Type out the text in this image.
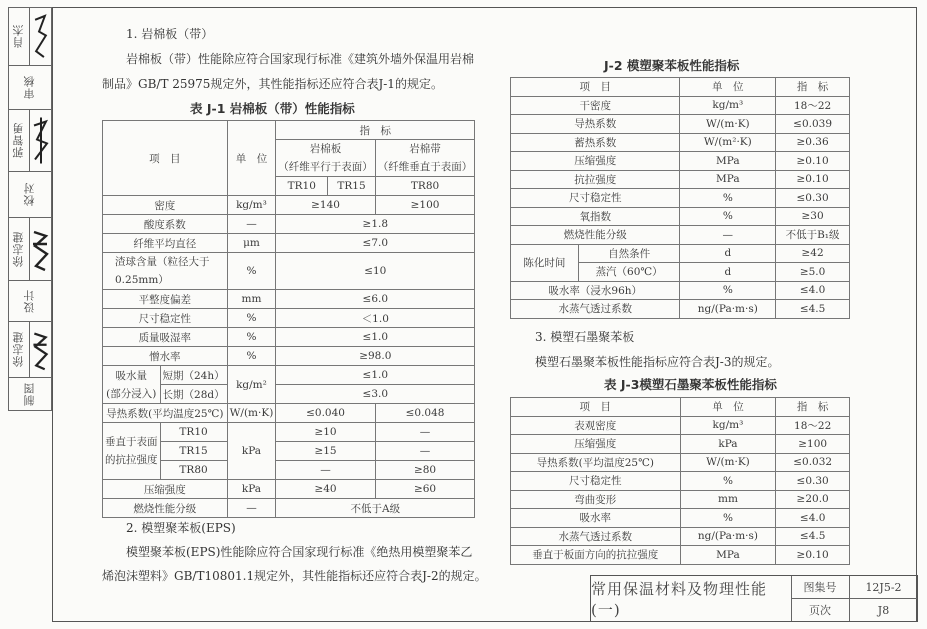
肖杰
审核
郭智勇
校对
徐志建
设计
徐志建
制图
1. 岩棉板（带）
岩棉板（带）性能除应符合国家现行标准《建筑外墙外保温用岩棉
制品》GB/T 25975规定外，其性能指标还应符合表J-1的规定。
表 J-1 岩棉板（带）性能指标
项　目		单　位	指　标		
			岩棉板
（纤维平行于表面）		岩棉带
（纤维垂直于表面）
			TR10	TR15	TR80
密度		kg/m³	≥140		≥100
酸度系数		—	≥1.8		
纤维平均直径		μm	≤7.0		
渣球含量（粒径大于
0.25mm）		%	≤10		
平整度偏差		mm	≤6.0		
尺寸稳定性		%	＜1.0		
质量吸湿率		%	≤1.0		
憎水率		%	≥98.0		
吸水量
(部分浸入)	短期（24h）	kg/m²	≤1.0		
	长期（28d）		≤3.0		
导热系数(平均温度25℃)		W/(m·K)	≤0.040		≤0.048
垂直于表面
的抗拉强度	TR10	kPa	≥10		—
	TR15		≥15		—
	TR80		—		≥80
压缩强度		kPa	≥40		≥60
燃烧性能分级		—	不低于A级		
2. 模塑聚苯板(EPS)
模塑聚苯板(EPS)性能除应符合国家现行标准《绝热用模塑聚苯乙
烯泡沫塑料》GB/T10801.1规定外，其性能指标还应符合表J-2的规定。
J-2 模塑聚苯板性能指标
项　目		单　位	指　标
干密度		kg/m³	18～22
导热系数		W/(m·K)	≤0.039
蓄热系数		W/(m²·K)	≥0.36
压缩强度		MPa	≥0.10
抗拉强度		MPa	≥0.10
尺寸稳定性		%	≤0.30
氧指数		%	≥30
燃烧性能分级		—	不低于B₁级
陈化时间	自然条件	d	≥42
	蒸汽（60℃）	d	≥5.0
吸水率（浸水96h）		%	≤4.0
水蒸气透过系数		ng/(Pa·m·s)	≤4.5
3. 模塑石墨聚苯板
模塑石墨聚苯板性能指标应符合表J-3的规定。
表 J-3模塑石墨聚苯板性能指标
项　目	单　位	指　标
表观密度	kg/m³	18～22
压缩强度	kPa	≥100
导热系数(平均温度25℃)	W/(m·K)	≤0.032
尺寸稳定性	%	≤0.30
弯曲变形	mm	≥20.0
吸水率	%	≤4.0
水蒸气透过系数	ng/(Pa·m·s)	≤4.5
垂直于板面方向的抗拉强度	MPa	≥0.10
常用保温材料及物理性能(一)
图集号	12J5-2
页次	J8
